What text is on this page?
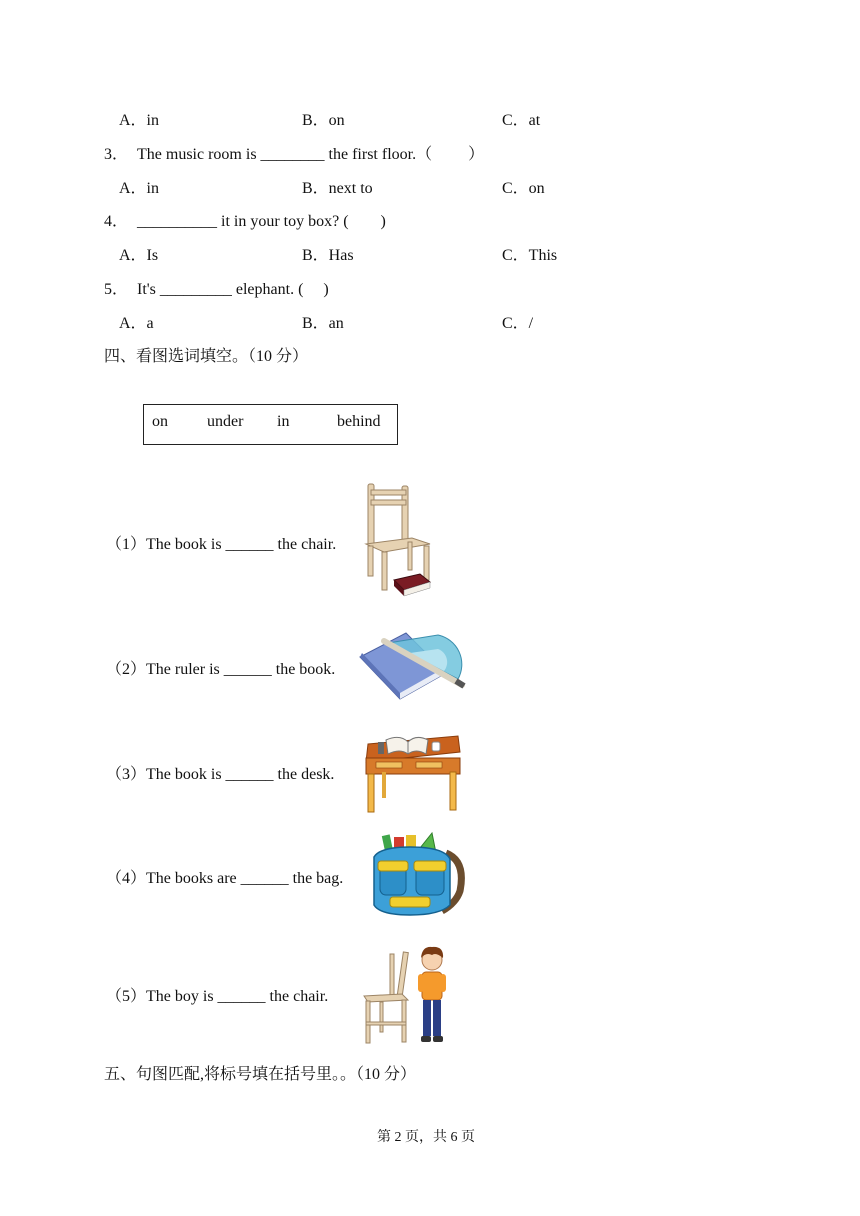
A．in	B．on	C．at
3． The music room is ________ the first floor.（　　 ）
A．in	B．next to	C．on
4． __________ it in your toy box? (　　)
A．Is	B．Has	C．This
5． It's _________ elephant. (　 )
A．a	B．an	C．/
四、看图选词填空。（10 分）
on under in	behind
（1）The book is ______ the chair.
（2）The ruler is ______ the book.
（3）The book is ______ the desk.
（4）The books are ______ the bag.
（5）The boy is ______ the chair.
五、句图匹配,将标号填在括号里。。（10 分）
第 2 页，共 6 页
